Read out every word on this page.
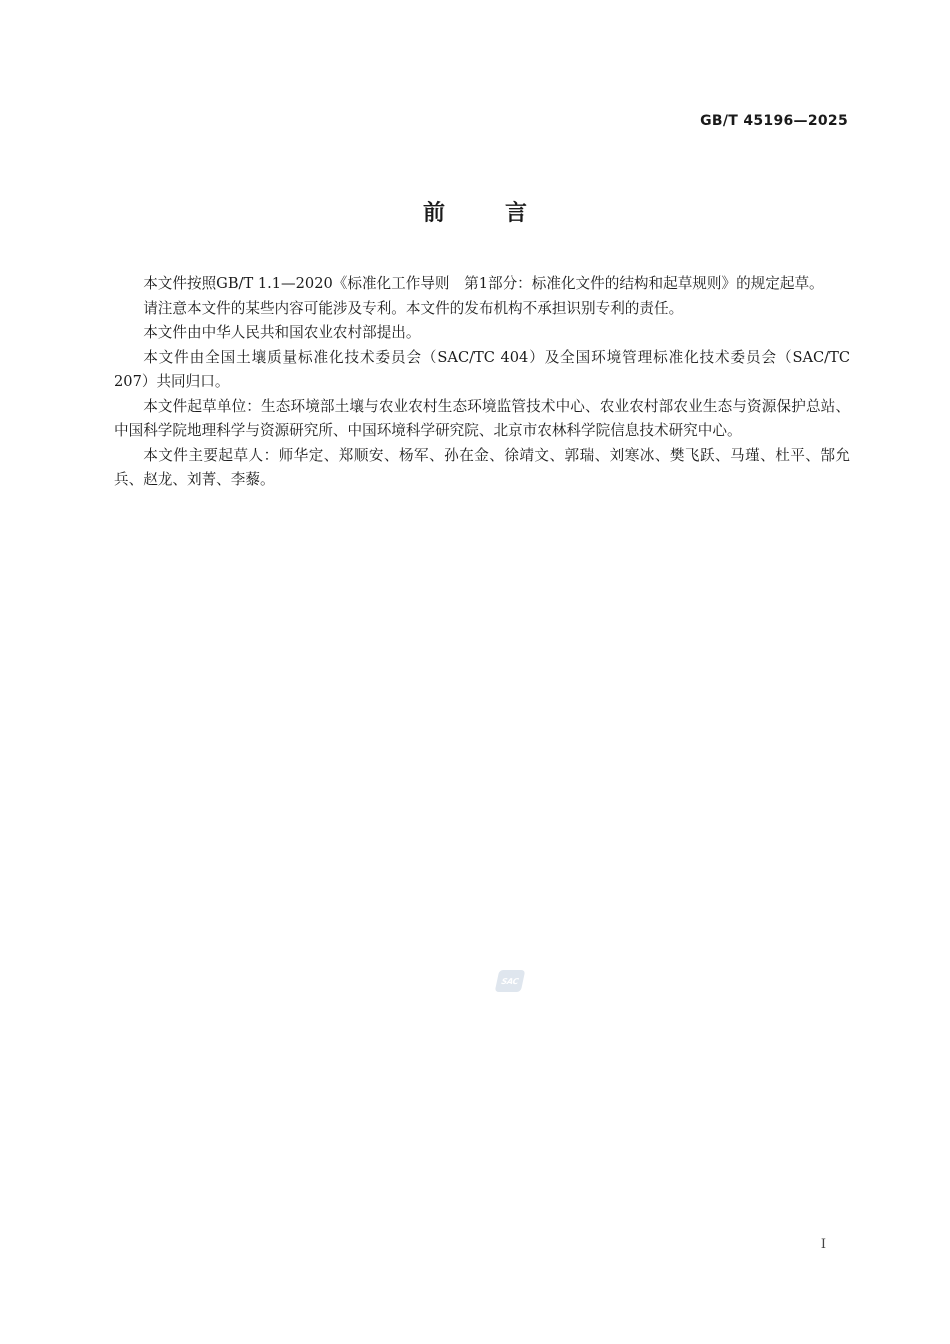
GB/T 45196—2025
前言

本文件按照GB/T 1.1—2020《标准化工作导则　第1部分：标准化文件的结构和起草规则》的规定起草。

请注意本文件的某些内容可能涉及专利。本文件的发布机构不承担识别专利的责任。

本文件由中华人民共和国农业农村部提出。

本文件由全国土壤质量标准化技术委员会（SAC/TC 404）及全国环境管理标准化技术委员会（SAC/TC 207）共同归口。

本文件起草单位：生态环境部土壤与农业农村生态环境监管技术中心、农业农村部农业生态与资源保护总站、中国科学院地理科学与资源研究所、中国环境科学研究院、北京市农林科学院信息技术研究中心。

本文件主要起草人：师华定、郑顺安、杨军、孙在金、徐靖文、郭瑞、刘寒冰、樊飞跃、马瑾、杜平、郜允兵、赵龙、刘菁、李藜。

SAC
I
